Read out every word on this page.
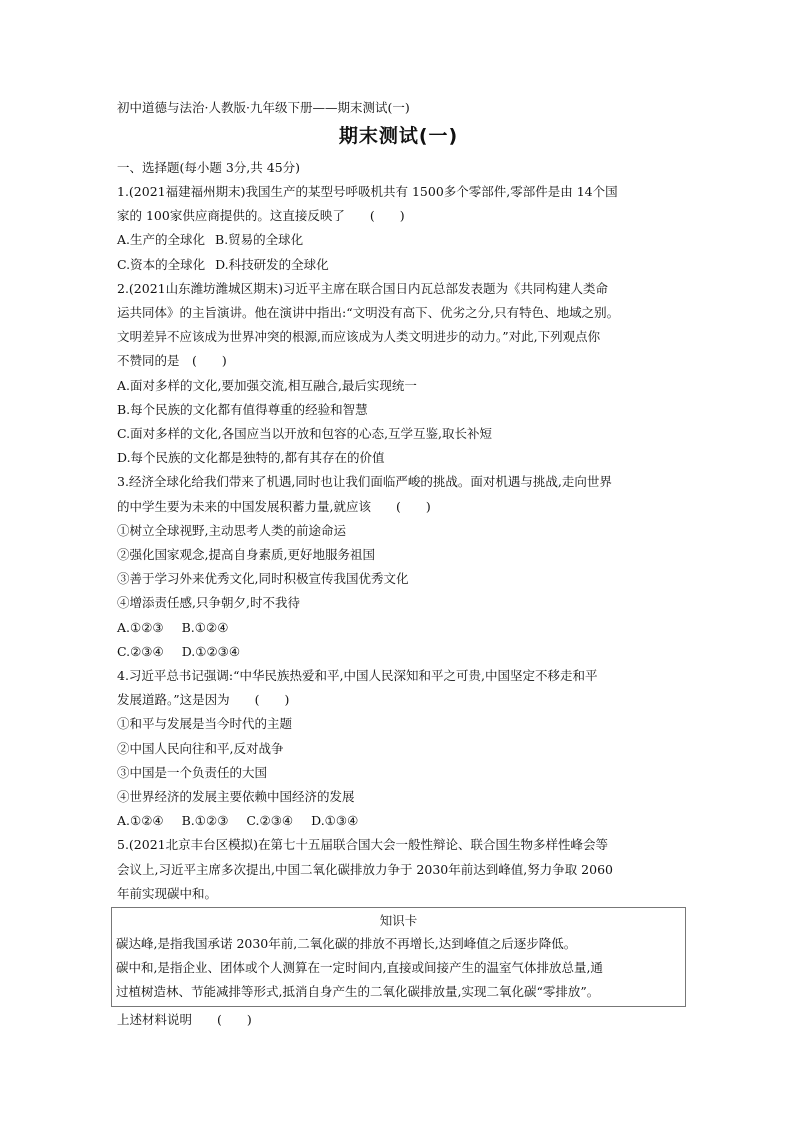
初中道德与法治·人教版·九年级下册——期末测试(一)
期末测试(一)
一、选择题(每小题 3分,共 45分)
1.(2021福建福州期末)我国生产的某型号呼吸机共有 1500多个零部件,零部件是由 14个国
家的 100家供应商提供的。这直接反映了　　(　　)
A.生产的全球化 B.贸易的全球化
C.资本的全球化 D.科技研发的全球化
2.(2021山东潍坊潍城区期末)习近平主席在联合国日内瓦总部发表题为《共同构建人类命
运共同体》的主旨演讲。他在演讲中指出:“文明没有高下、优劣之分,只有特色、地域之别。
文明差异不应该成为世界冲突的根源,而应该成为人类文明进步的动力。”对此,下列观点你
不赞同的是　(　　)
A.面对多样的文化,要加强交流,相互融合,最后实现统一
B.每个民族的文化都有值得尊重的经验和智慧
C.面对多样的文化,各国应当以开放和包容的心态,互学互鉴,取长补短
D.每个民族的文化都是独特的,都有其存在的价值
3.经济全球化给我们带来了机遇,同时也让我们面临严峻的挑战。面对机遇与挑战,走向世界
的中学生要为未来的中国发展积蓄力量,就应该　　(　　)
①树立全球视野,主动思考人类的前途命运
②强化国家观念,提高自身素质,更好地服务祖国
③善于学习外来优秀文化,同时积极宣传我国优秀文化
④增添责任感,只争朝夕,时不我待
A.①②③ B.①②④
C.②③④ D.①②③④
4.习近平总书记强调:“中华民族热爱和平,中国人民深知和平之可贵,中国坚定不移走和平
发展道路。”这是因为　　(　　)
①和平与发展是当今时代的主题
②中国人民向往和平,反对战争
③中国是一个负责任的大国
④世界经济的发展主要依赖中国经济的发展
A.①②④ B.①②③ C.②③④ D.①③④
5.(2021北京丰台区模拟)在第七十五届联合国大会一般性辩论、联合国生物多样性峰会等
会议上,习近平主席多次提出,中国二氧化碳排放力争于 2030年前达到峰值,努力争取 2060
年前实现碳中和。
知识卡
碳达峰,是指我国承诺 2030年前,二氧化碳的排放不再增长,达到峰值之后逐步降低。
碳中和,是指企业、团体或个人测算在一定时间内,直接或间接产生的温室气体排放总量,通
过植树造林、节能减排等形式,抵消自身产生的二氧化碳排放量,实现二氧化碳“零排放”。
上述材料说明　　(　　)
